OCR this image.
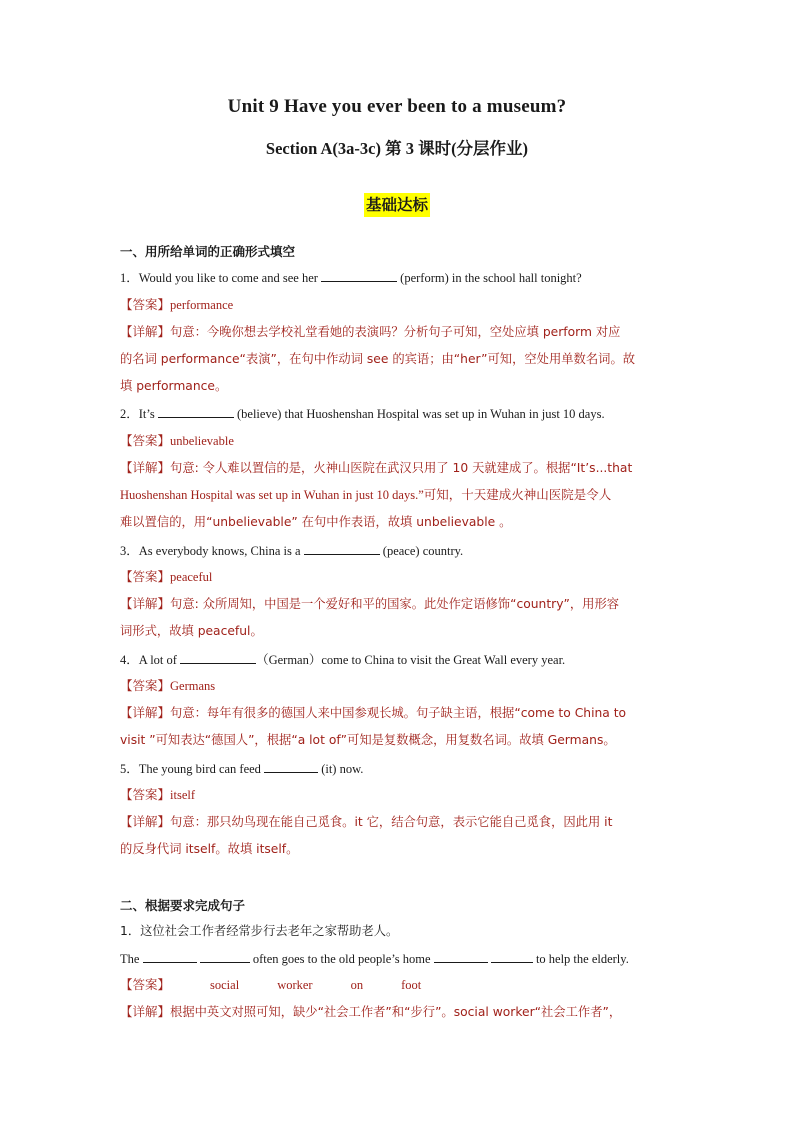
Unit 9 Have you ever been to a museum?
Section A(3a-3c) 第 3 课时(分层作业)
基础达标
一、用所给单词的正确形式填空
1．Would you like to come and see her	(perform) in the school hall tonight?
【答案】performance
【详解】句意：今晚你想去学校礼堂看她的表演吗？分析句子可知，空处应填 perform 对应
的名词 performance“表演”，在句中作动词 see 的宾语；由“her”可知，空处用单数名词。故
填 performance。
2．It’s	(believe) that Huoshenshan Hospital was set up in Wuhan in just 10 days.
【答案】unbelievable
【详解】句意: 令人难以置信的是，火神山医院在武汉只用了 10 天就建成了。根据“It’s...that
Huoshenshan Hospital was set up in Wuhan in just 10 days.”可知，十天建成火神山医院是令人
难以置信的，用“unbelievable” 在句中作表语，故填 unbelievable 。
3．As everybody knows, China is a	(peace) country.
【答案】peaceful
【详解】句意: 众所周知，中国是一个爱好和平的国家。此处作定语修饰“country”，用形容
词形式，故填 peaceful。
4．A lot of	（German）come to China to visit the Great Wall every year.
【答案】Germans
【详解】句意：每年有很多的德国人来中国参观长城。句子缺主语，根据“come to China to
visit ”可知表达“德国人”，根据“a lot of”可知是复数概念，用复数名词。故填 Germans。
5．The young bird can feed	(it) now.
【答案】itself
【详解】句意：那只幼鸟现在能自己觅食。it 它，结合句意，表示它能自己觅食，因此用 it
的反身代词 itself。故填 itself。
二、根据要求完成句子
1．这位社会工作者经常步行去老年之家帮助老人。
The	often goes to the old people’s home	to help the elderly.
【答案】	social	worker	on	foot
【详解】根据中英文对照可知，缺少“社会工作者”和“步行”。social worker“社会工作者”，
